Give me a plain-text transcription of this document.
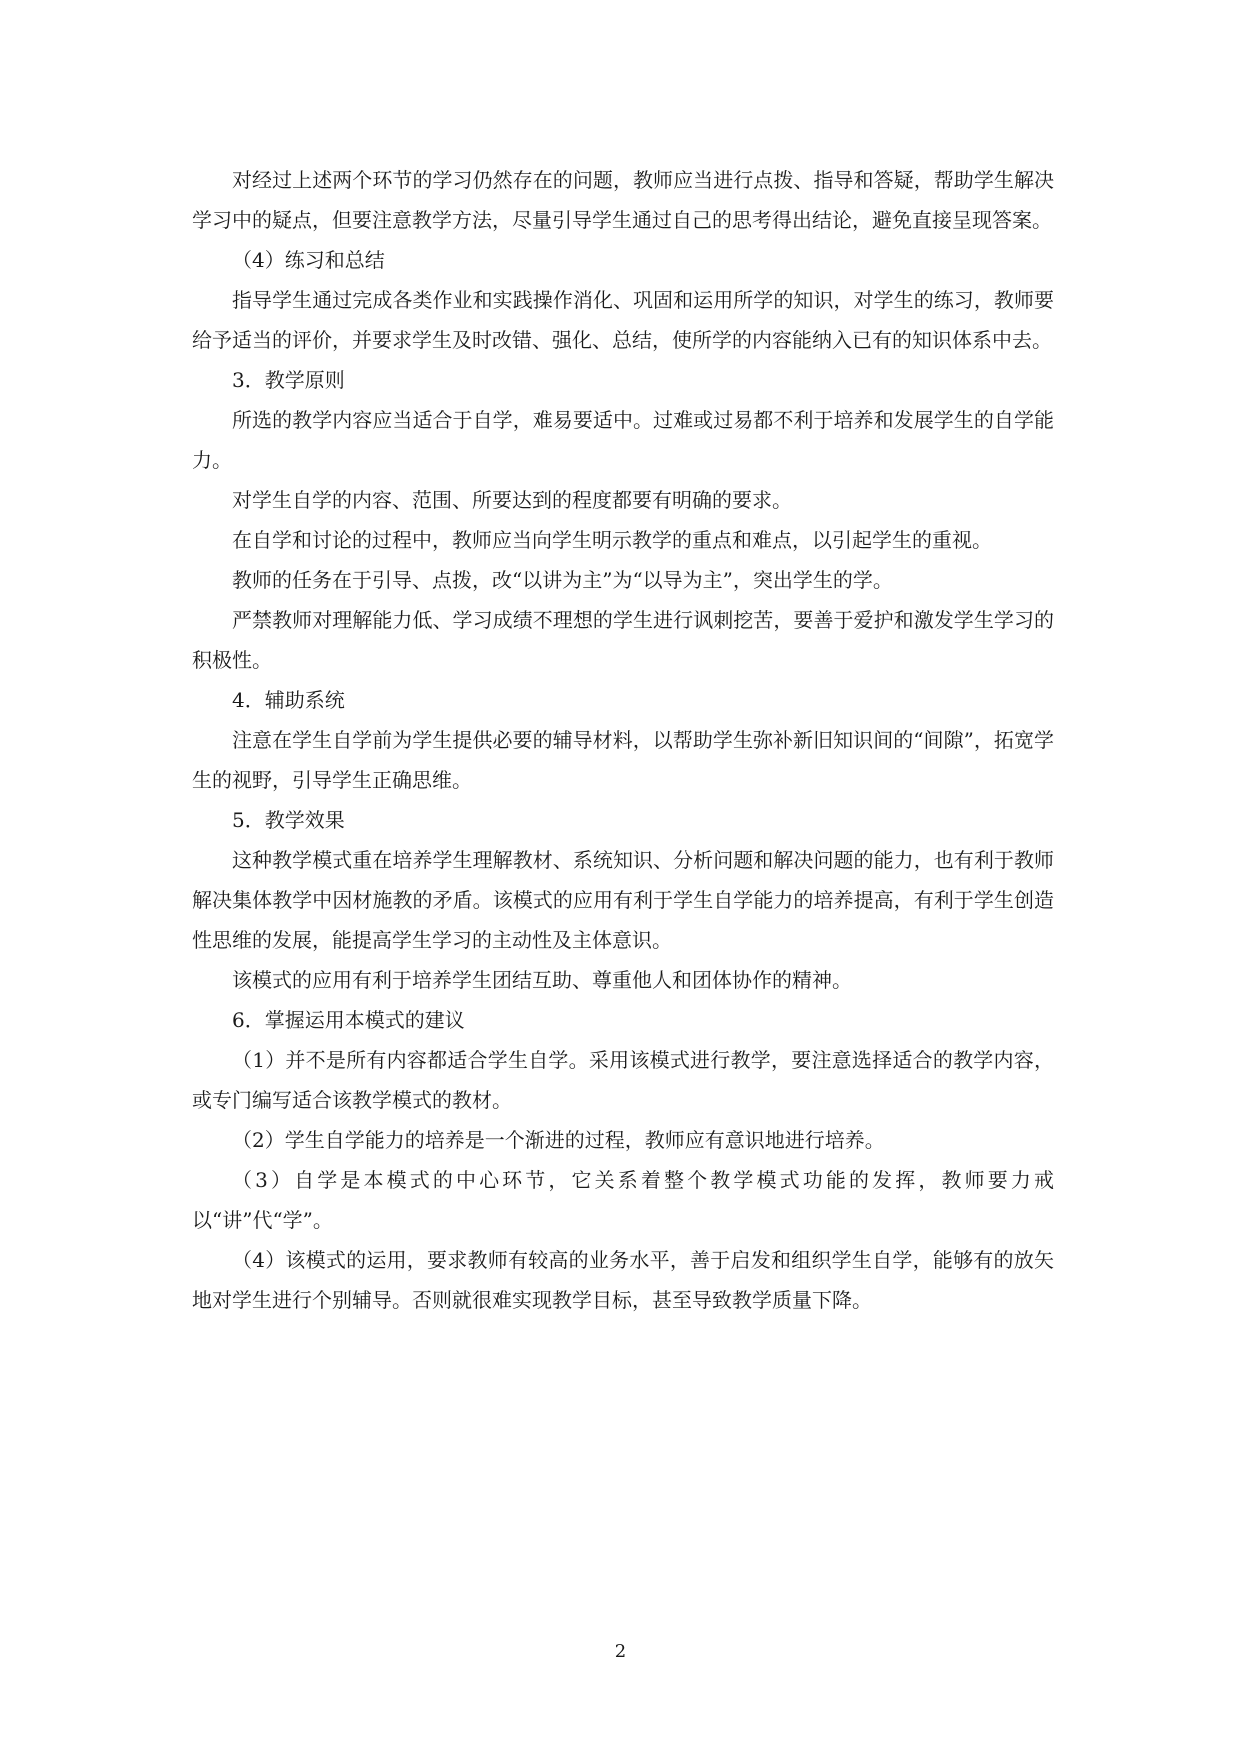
对经过上述两个环节的学习仍然存在的问题，教师应当进行点拨、指导和答疑，帮助学生解决学习中的疑点，但要注意教学方法，尽量引导学生通过自己的思考得出结论，避免直接呈现答案。

（4）练习和总结

指导学生通过完成各类作业和实践操作消化、巩固和运用所学的知识，对学生的练习，教师要给予适当的评价，并要求学生及时改错、强化、总结，使所学的内容能纳入已有的知识体系中去。

3．教学原则

所选的教学内容应当适合于自学，难易要适中。过难或过易都不利于培养和发展学生的自学能力。

对学生自学的内容、范围、所要达到的程度都要有明确的要求。

在自学和讨论的过程中，教师应当向学生明示教学的重点和难点，以引起学生的重视。

教师的任务在于引导、点拨，改“以讲为主”为“以导为主”，突出学生的学。

严禁教师对理解能力低、学习成绩不理想的学生进行讽刺挖苦，要善于爱护和激发学生学习的积极性。

4．辅助系统

注意在学生自学前为学生提供必要的辅导材料，以帮助学生弥补新旧知识间的“间隙”，拓宽学生的视野，引导学生正确思维。

5．教学效果

这种教学模式重在培养学生理解教材、系统知识、分析问题和解决问题的能力，也有利于教师解决集体教学中因材施教的矛盾。该模式的应用有利于学生自学能力的培养提高，有利于学生创造性思维的发展，能提高学生学习的主动性及主体意识。

该模式的应用有利于培养学生团结互助、尊重他人和团体协作的精神。

6．掌握运用本模式的建议

（1）并不是所有内容都适合学生自学。采用该模式进行教学，要注意选择适合的教学内容，或专门编写适合该教学模式的教材。

（2）学生自学能力的培养是一个渐进的过程，教师应有意识地进行培养。

（3）自学是本模式的中心环节，它关系着整个教学模式功能的发挥，教师要力戒以“讲”代“学”。

（4）该模式的运用，要求教师有较高的业务水平，善于启发和组织学生自学，能够有的放矢地对学生进行个别辅导。否则就很难实现教学目标，甚至导致教学质量下降。

2
